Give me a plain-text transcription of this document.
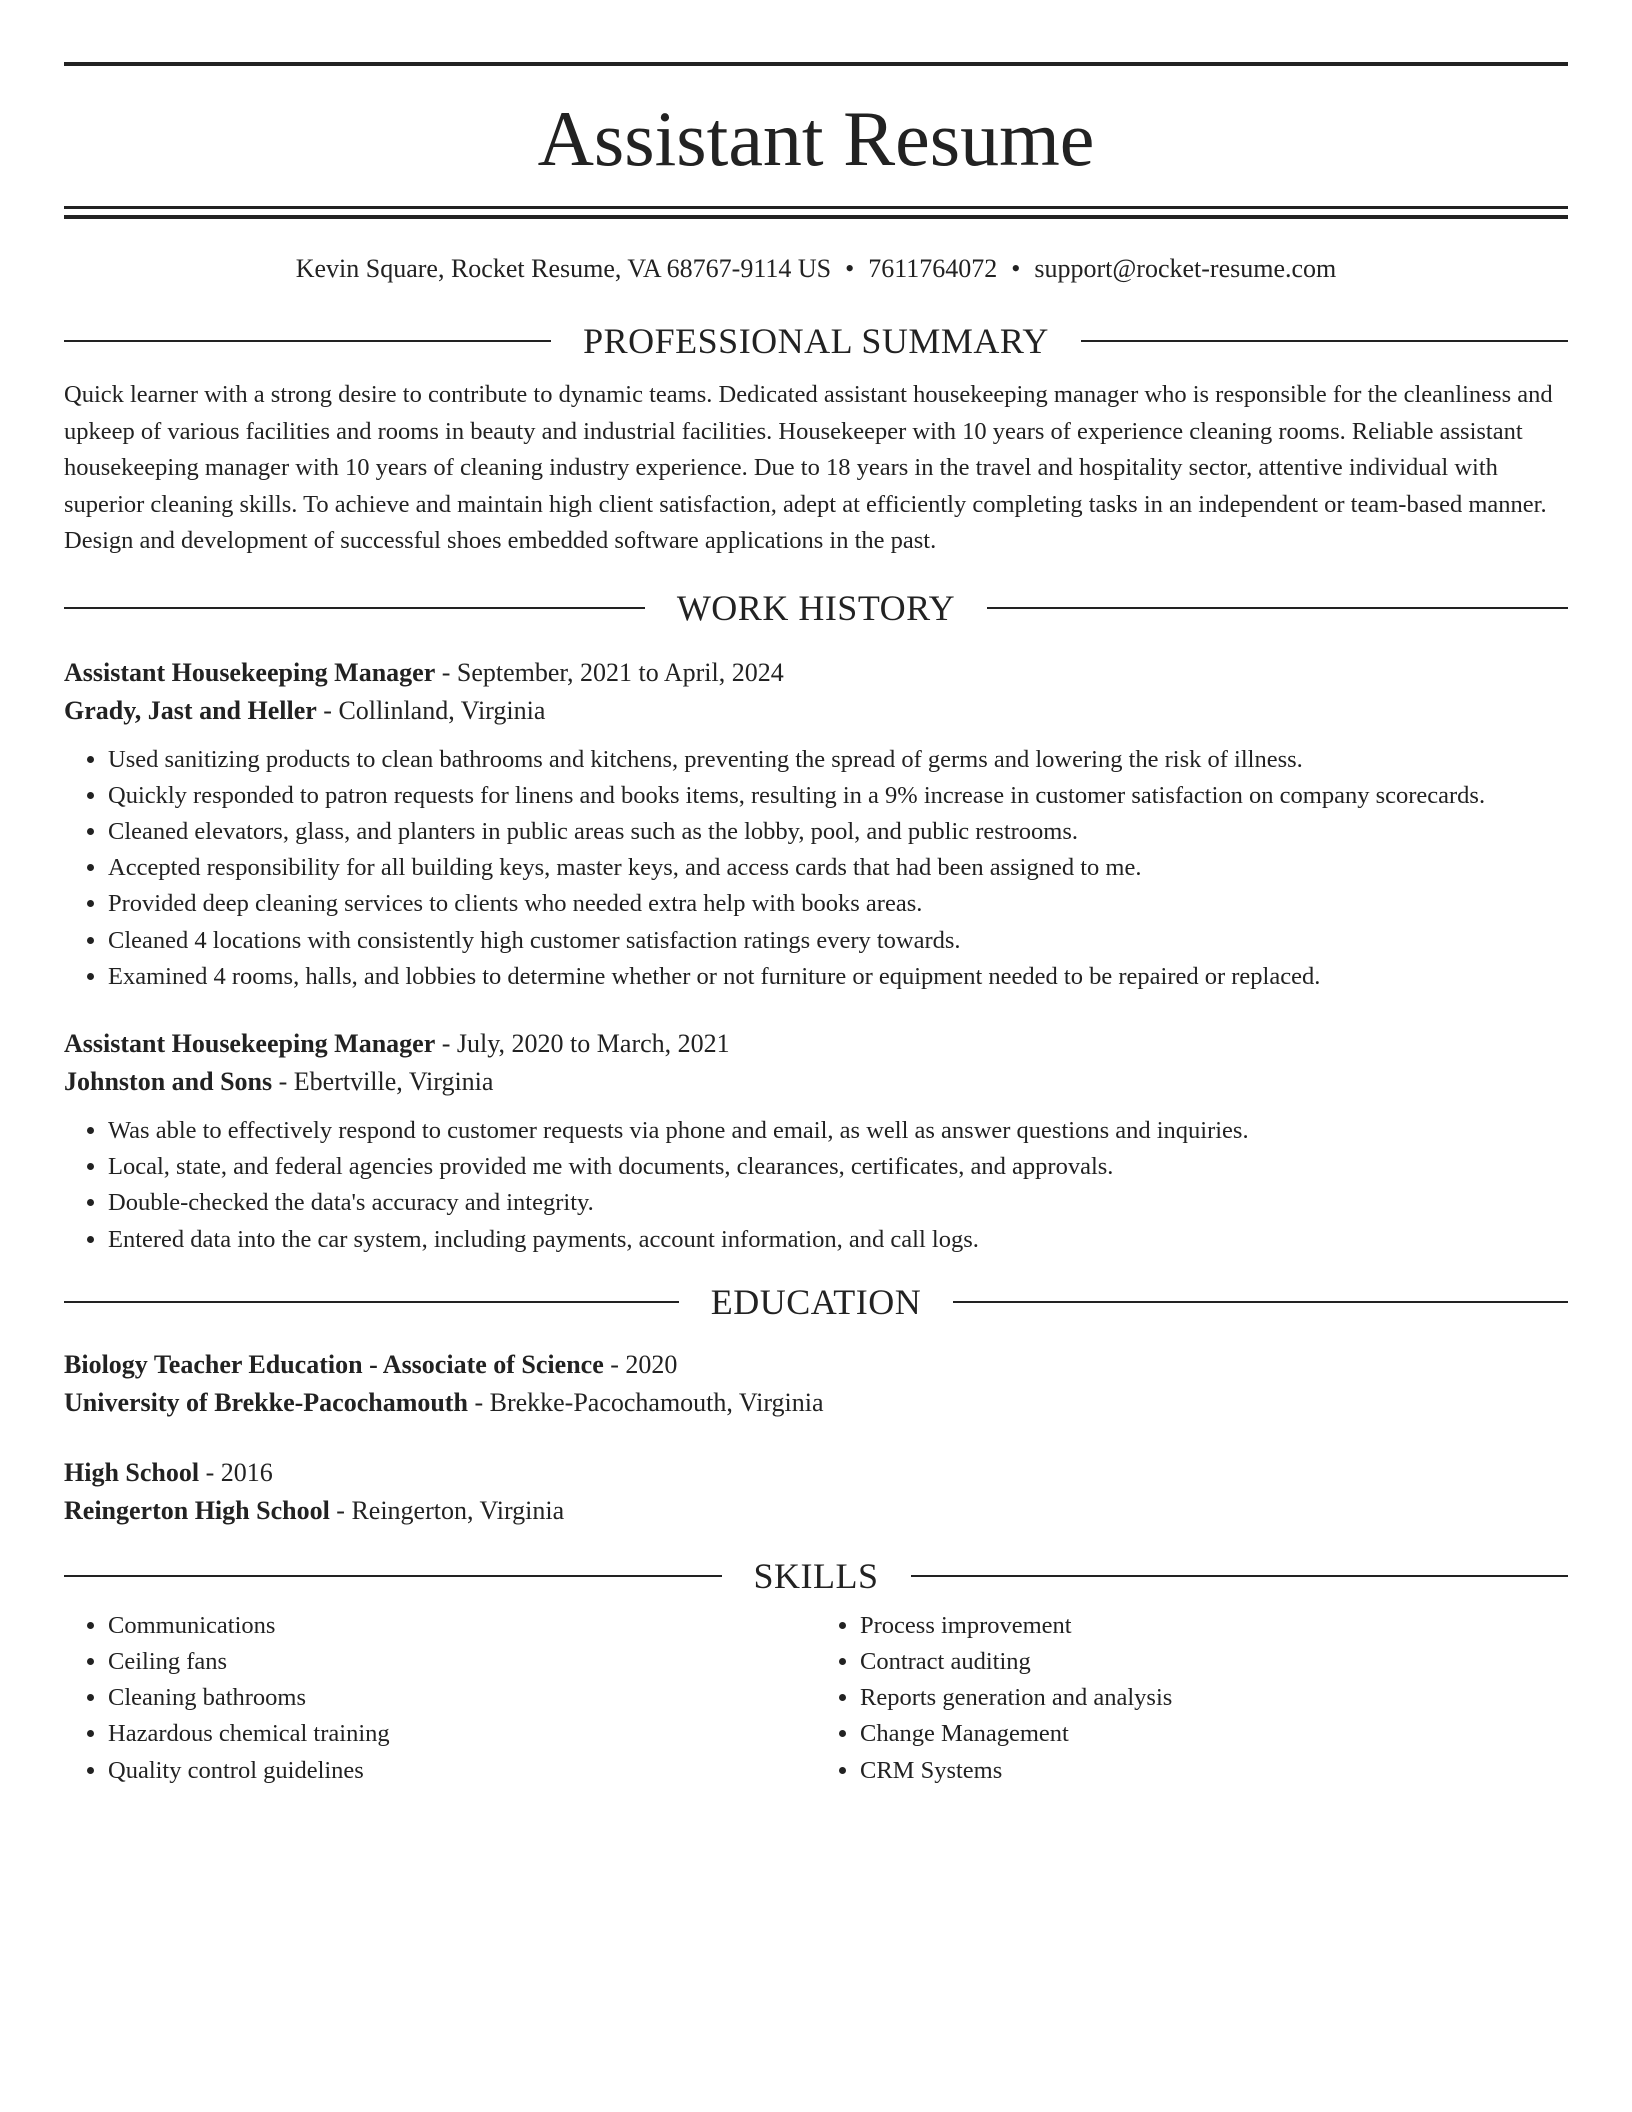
Assistant Resume
Kevin Square, Rocket Resume, VA 68767-9114 US • 7611764072 • support@rocket-resume.com
PROFESSIONAL SUMMARY
Quick learner with a strong desire to contribute to dynamic teams. Dedicated assistant housekeeping manager who is responsible for the cleanliness and upkeep of various facilities and rooms in beauty and industrial facilities. Housekeeper with 10 years of experience cleaning rooms. Reliable assistant housekeeping manager with 10 years of cleaning industry experience. Due to 18 years in the travel and hospitality sector, attentive individual with superior cleaning skills. To achieve and maintain high client satisfaction, adept at efficiently completing tasks in an independent or team-based manner. Design and development of successful shoes embedded software applications in the past.
WORK HISTORY
Assistant Housekeeping Manager - September, 2021 to April, 2024
Grady, Jast and Heller - Collinland, Virginia
• Used sanitizing products to clean bathrooms and kitchens, preventing the spread of germs and lowering the risk of illness.
• Quickly responded to patron requests for linens and books items, resulting in a 9% increase in customer satisfaction on company scorecards.
• Cleaned elevators, glass, and planters in public areas such as the lobby, pool, and public restrooms.
• Accepted responsibility for all building keys, master keys, and access cards that had been assigned to me.
• Provided deep cleaning services to clients who needed extra help with books areas.
• Cleaned 4 locations with consistently high customer satisfaction ratings every towards.
• Examined 4 rooms, halls, and lobbies to determine whether or not furniture or equipment needed to be repaired or replaced.
Assistant Housekeeping Manager - July, 2020 to March, 2021
Johnston and Sons - Ebertville, Virginia
• Was able to effectively respond to customer requests via phone and email, as well as answer questions and inquiries.
• Local, state, and federal agencies provided me with documents, clearances, certificates, and approvals.
• Double-checked the data's accuracy and integrity.
• Entered data into the car system, including payments, account information, and call logs.
EDUCATION
Biology Teacher Education - Associate of Science - 2020
University of Brekke-Pacochamouth - Brekke-Pacochamouth, Virginia
High School - 2016
Reingerton High School - Reingerton, Virginia
SKILLS
• Communications
• Ceiling fans
• Cleaning bathrooms
• Hazardous chemical training
• Quality control guidelines
• Process improvement
• Contract auditing
• Reports generation and analysis
• Change Management
• CRM Systems
